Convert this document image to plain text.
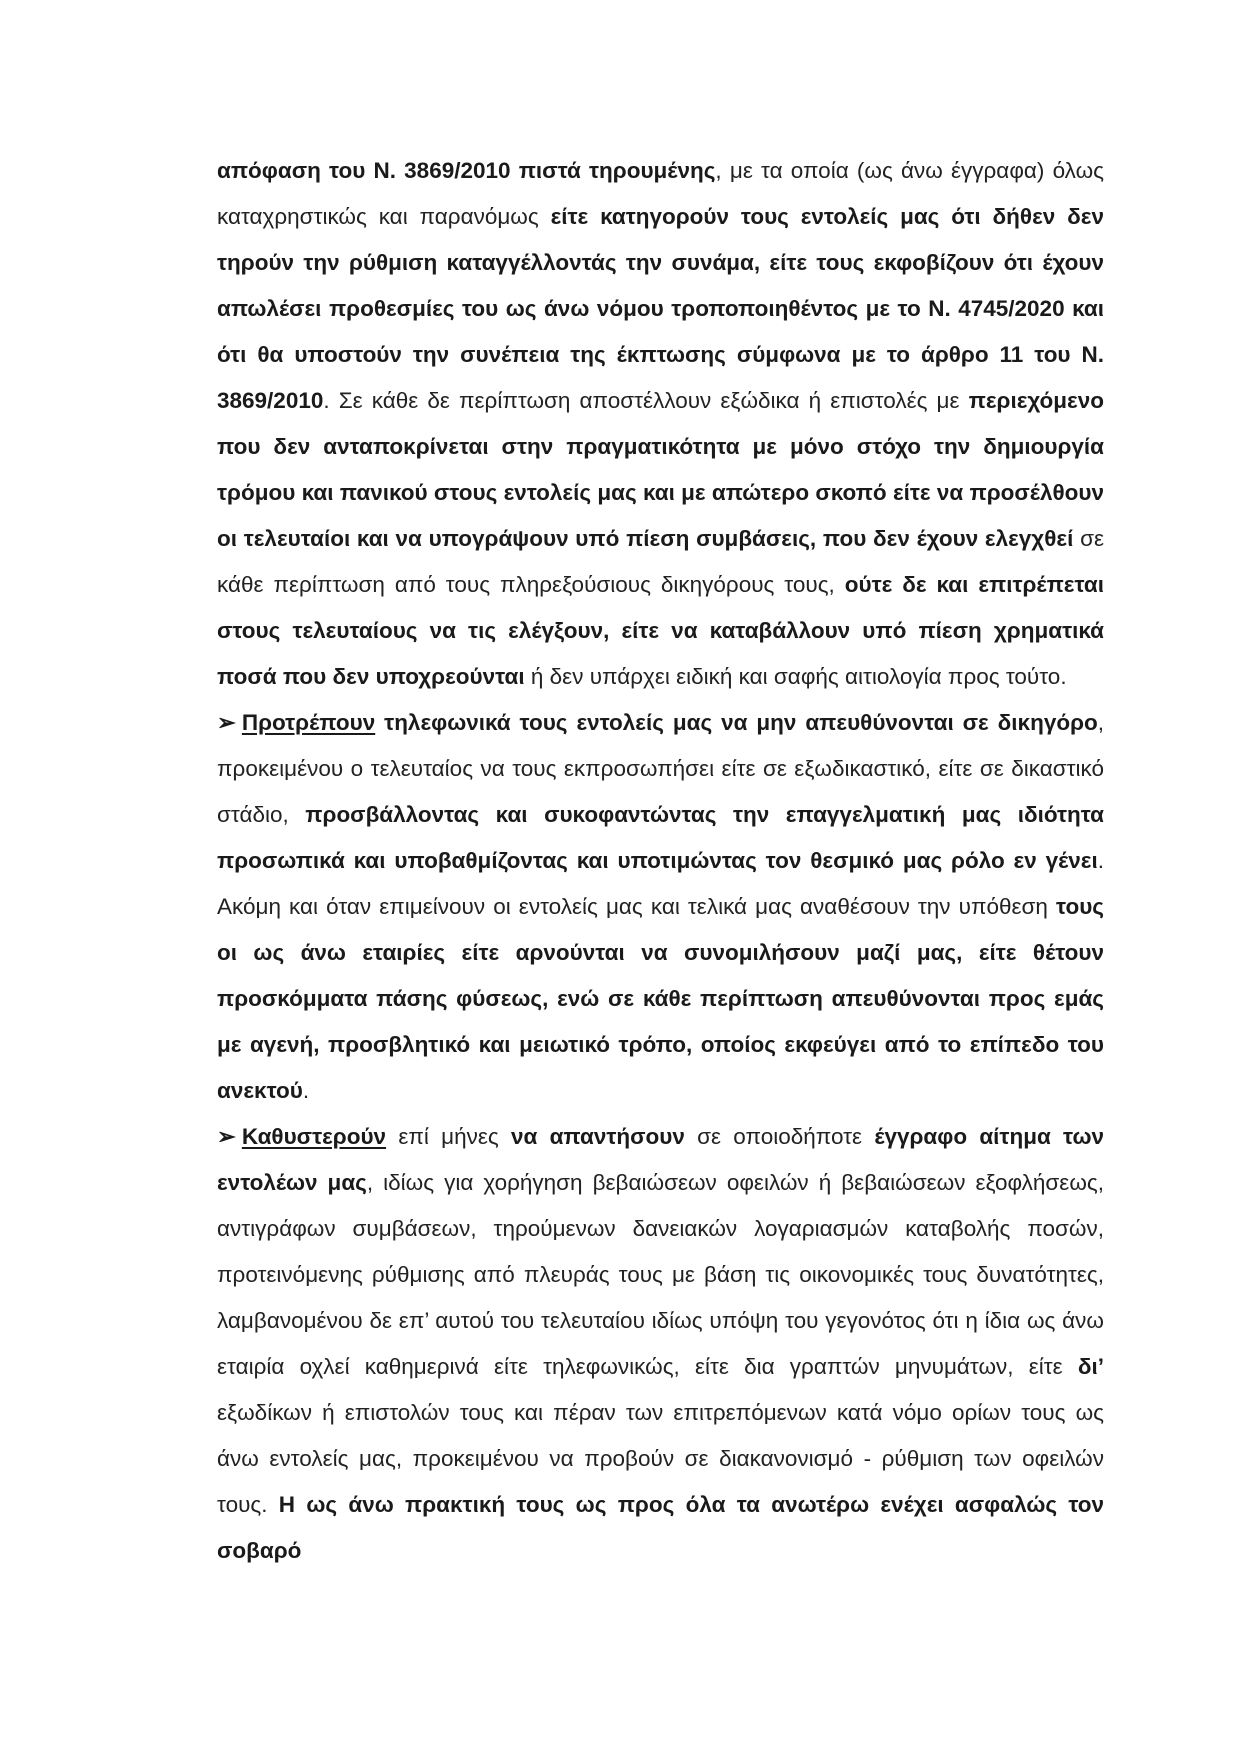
απόφαση του Ν. 3869/2010 πιστά τηρουμένης, με τα οποία (ως άνω έγγραφα) όλως καταχρηστικώς και παρανόμως είτε κατηγορούν τους εντολείς μας ότι δήθεν δεν τηρούν την ρύθμιση καταγγέλλοντάς την συνάμα, είτε τους εκφοβίζουν ότι έχουν απωλέσει προθεσμίες του ως άνω νόμου τροποποιηθέντος με το Ν. 4745/2020 και ότι θα υποστούν την συνέπεια της έκπτωσης σύμφωνα με το άρθρο 11 του Ν. 3869/2010. Σε κάθε δε περίπτωση αποστέλλουν εξώδικα ή επιστολές με περιεχόμενο που δεν ανταποκρίνεται στην πραγματικότητα με μόνο στόχο την δημιουργία τρόμου και πανικού στους εντολείς μας και με απώτερο σκοπό είτε να προσέλθουν οι τελευταίοι και να υπογράψουν υπό πίεση συμβάσεις, που δεν έχουν ελεγχθεί σε κάθε περίπτωση από τους πληρεξούσιους δικηγόρους τους, ούτε δε και επιτρέπεται στους τελευταίους να τις ελέγξουν, είτε να καταβάλλουν υπό πίεση χρηματικά ποσά που δεν υποχρεούνται ή δεν υπάρχει ειδική και σαφής αιτιολογία προς τούτο.

➢ Προτρέπουν τηλεφωνικά τους εντολείς μας να μην απευθύνονται σε δικηγόρο, προκειμένου ο τελευταίος να τους εκπροσωπήσει είτε σε εξωδικαστικό, είτε σε δικαστικό στάδιο, προσβάλλοντας και συκοφαντώντας την επαγγελματική μας ιδιότητα προσωπικά και υποβαθμίζοντας και υποτιμώντας τον θεσμικό μας ρόλο εν γένει. Ακόμη και όταν επιμείνουν οι εντολείς μας και τελικά μας αναθέσουν την υπόθεση τους οι ως άνω εταιρίες είτε αρνούνται να συνομιλήσουν μαζί μας, είτε θέτουν προσκόμματα πάσης φύσεως, ενώ σε κάθε περίπτωση απευθύνονται προς εμάς με αγενή, προσβλητικό και μειωτικό τρόπο, οποίος εκφεύγει από το επίπεδο του ανεκτού.

➢ Καθυστερούν επί μήνες να απαντήσουν σε οποιοδήποτε έγγραφο αίτημα των εντολέων μας, ιδίως για χορήγηση βεβαιώσεων οφειλών ή βεβαιώσεων εξοφλήσεως, αντιγράφων συμβάσεων, τηρούμενων δανειακών λογαριασμών καταβολής ποσών, προτεινόμενης ρύθμισης από πλευράς τους με βάση τις οικονομικές τους δυνατότητες, λαμβανομένου δε επ’ αυτού του τελευταίου ιδίως υπόψη του γεγονότος ότι η ίδια ως άνω εταιρία οχλεί καθημερινά είτε τηλεφωνικώς, είτε δια γραπτών μηνυμάτων, είτε δι’ εξωδίκων ή επιστολών τους και πέραν των επιτρεπόμενων κατά νόμο ορίων τους ως άνω εντολείς μας, προκειμένου να προβούν σε διακανονισμό - ρύθμιση των οφειλών τους. Η ως άνω πρακτική τους ως προς όλα τα ανωτέρω ενέχει ασφαλώς τον σοβαρό
